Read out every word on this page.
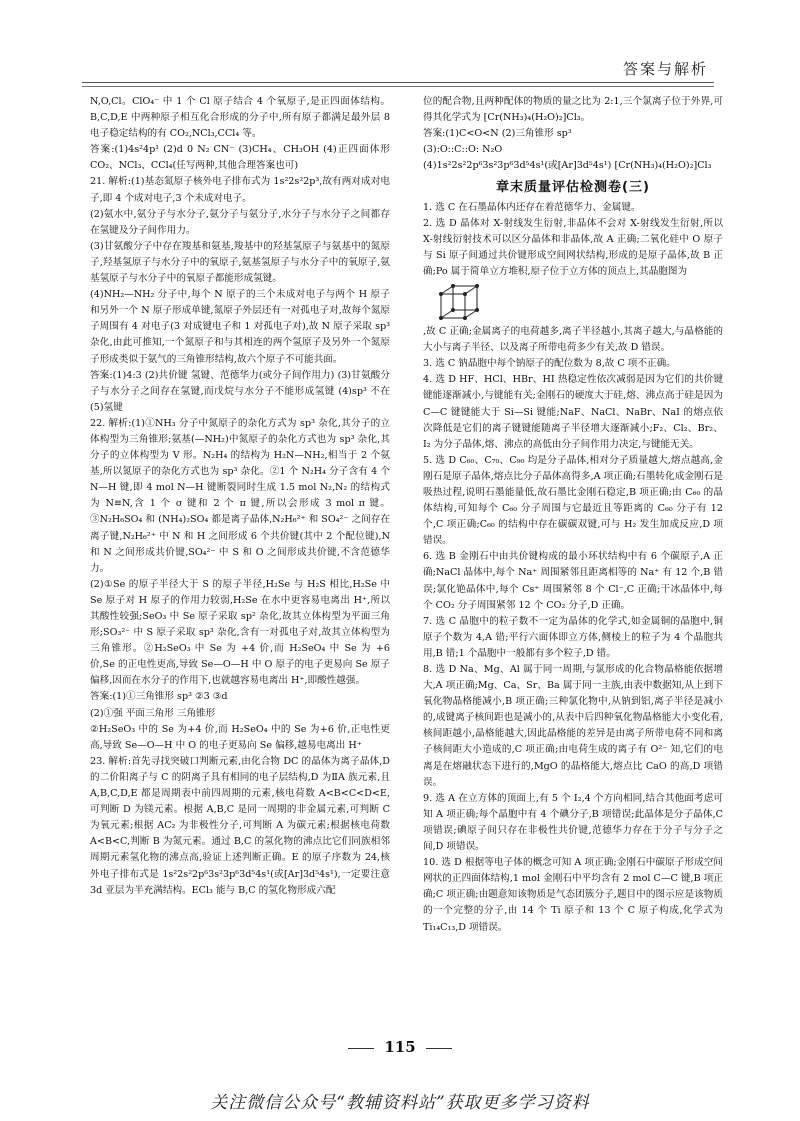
答案与解析

N,O,Cl。ClO₄⁻ 中 1 个 Cl 原子结合 4 个氧原子,是正四面体结构。B,C,D,E 中两种原子相互化合形成的分子中,所有原子都满足最外层 8 电子稳定结构的有 CO₂,NCl₃,CCl₄ 等。

答案:(1)4s²4p¹ (2)d 0 N₂ CN⁻ (3)CH₄、CH₃OH (4)正四面体形 CO₂、NCl₃、CCl₄(任写两种,其他合理答案也可)

21. 解析:(1)基态氮原子核外电子排布式为 1s²2s²2p³,故有两对成对电子,即 4 个成对电子,3 个未成对电子。

(2)氨水中,氨分子与水分子,氨分子与氨分子,水分子与水分子之间都存在氢键及分子间作用力。

(3)甘氨酸分子中存在羧基和氨基,羧基中的羟基氢原子与氨基中的氮原子,羟基氢原子与水分子中的氧原子,氨基氢原子与水分子中的氧原子,氨基氢原子与水分子中的氧原子都能形成氢键。

(4)NH₂—NH₂ 分子中,每个 N 原子的三个未成对电子与两个 H 原子和另外一个 N 原子形成单键,氮原子外层还有一对孤电子对,故每个氮原子周围有 4 对电子(3 对成键电子和 1 对孤电子对),故 N 原子采取 sp³ 杂化,由此可推知,一个氮原子和与其相连的两个氢原子及另外一个氮原子形成类似于氨气的三角锥形结构,故六个原子不可能共面。

答案:(1)4:3 (2)共价键 氢键、范德华力(或分子间作用力) (3)甘氨酸分子与水分子之间存在氢键,而戊烷与水分子不能形成氢键 (4)sp³ 不在 (5)氢键

22. 解析:(1)①NH₃ 分子中氮原子的杂化方式为 sp³ 杂化,其分子的立体构型为三角锥形;氨基(—NH₂)中氮原子的杂化方式也为 sp³ 杂化,其分子的立体构型为 V 形。N₂H₄ 的结构为 H₂N—NH₂,相当于 2 个氨基,所以氮原子的杂化方式也为 sp³ 杂化。②1 个 N₂H₄ 分子含有 4 个 N—H 键,即 4 mol N—H 键断裂同时生成 1.5 mol N₂,N₂ 的结构式为 N≡N,含 1 个 σ 键和 2 个 π 键,所以会形成 3 mol π 键。③N₂H₆SO₄ 和 (NH₄)₂SO₄ 都是离子晶体,N₂H₆²⁺ 和 SO₄²⁻ 之间存在离子键,N₂H₆²⁺ 中 N 和 H 之间形成 6 个共价键(其中 2 个配位键),N 和 N 之间形成共价键,SO₄²⁻ 中 S 和 O 之间形成共价键,不含范德华力。

(2)①Se 的原子半径大于 S 的原子半径,H₂Se 与 H₂S 相比,H₂Se 中 Se 原子对 H 原子的作用力较弱,H₂Se 在水中更容易电离出 H⁺,所以其酸性较强;SeO₃ 中 Se 原子采取 sp² 杂化,故其立体构型为平面三角形;SO₃²⁻ 中 S 原子采取 sp³ 杂化,含有一对孤电子对,故其立体构型为三角锥形。②H₂SeO₃ 中 Se 为 +4 价,而 H₂SeO₄ 中 Se 为 +6 价,Se 的正电性更高,导致 Se—O—H 中 O 原子的电子更易向 Se 原子偏移,因而在水分子的作用下,也就越容易电离出 H⁺,即酸性越强。

答案:(1)①三角锥形 sp³ ②3 ③d

(2)①强 平面三角形 三角锥形

②H₂SeO₃ 中的 Se 为+4 价,而 H₂SeO₄ 中的 Se 为+6 价,正电性更高,导致 Se—O—H 中 O 的电子更易向 Se 偏移,越易电离出 H⁺

23. 解析:首先寻找突破口判断元素,由化合物 DC 的晶体为离子晶体,D 的二价阳离子与 C 的阴离子具有相同的电子层结构,D 为ⅡA 族元素,且 A,B,C,D,E 都是周期表中前四周期的元素,核电荷数 A<B<C<D<E,可判断 D 为镁元素。根据 A,B,C 是同一周期的非金属元素,可判断 C 为氧元素;根据 AC₂ 为非极性分子,可判断 A 为碳元素;根据核电荷数 A<B<C,判断 B 为氮元素。通过 B,C 的氢化物的沸点比它们同族相邻周期元素氢化物的沸点高,验证上述判断正确。E 的原子序数为 24,核外电子排布式是 1s²2s²2p⁶3s²3p⁶3d⁵4s¹(或[Ar]3d⁵4s¹),一定要注意 3d 亚层为半充满结构。ECl₃ 能与 B,C 的氢化物形成六配

位的配合物,且两种配体的物质的量之比为 2:1,三个氯离子位于外界,可得其化学式为 [Cr(NH₃)₄(H₂O)₂]Cl₃。

答案:(1)C<O<N (2)三角锥形 sp³

(3):O::C::O: N₂O

(4)1s²2s²2p⁶3s²3p⁶3d⁵4s¹(或[Ar]3d⁵4s¹) [Cr(NH₃)₄(H₂O)₂]Cl₃

章末质量评估检测卷(三)

1. 选 C 在石墨晶体内还存在着范德华力、金属键。

2. 选 D 晶体对 X-射线发生衍射,非晶体不会对 X-射线发生衍射,所以 X-射线衍射技术可以区分晶体和非晶体,故 A 正确;二氧化硅中 O 原子与 Si 原子间通过共价键形成空间网状结构,形成的是原子晶体,故 B 正确;Po 属于简单立方堆积,原子位于立方体的顶点上,其晶胞图为

,故 C 正确;金属离子的电荷越多,离子半径越小,其离子越大,与晶格能的大小与离子半径、以及离子所带电荷多少有关,故 D 错误。

3. 选 C 钠晶胞中每个钠原子的配位数为 8,故 C 项不正确。

4. 选 D HF、HCl、HBr、HI 热稳定性依次减弱是因为它们的共价键键能逐渐减小,与键能有关;金刚石的硬度大于硅,熔、沸点高于硅是因为 C—C 键键能大于 Si—Si 键能;NaF、NaCl、NaBr、NaI 的熔点依次降低是它们的离子键键能随离子半径增大逐渐减小;F₂、Cl₂、Br₂、I₂ 为分子晶体,熔、沸点的高低由分子间作用力决定,与键能无关。

5. 选 D C₆₀、C₇₀、C₉₀ 均是分子晶体,相对分子质量越大,熔点越高,金刚石是原子晶体,熔点比分子晶体高得多,A 项正确;石墨转化成金刚石是吸热过程,说明石墨能量低,故石墨比金刚石稳定,B 项正确;由 C₆₀ 的晶体结构,可知每个 C₆₀ 分子周围与它最近且等距离的 C₆₀ 分子有 12 个,C 项正确;C₆₀ 的结构中存在碳碳双键,可与 H₂ 发生加成反应,D 项错误。

6. 选 B 金刚石中由共价键构成的最小环状结构中有 6 个碳原子,A 正确;NaCl 晶体中,每个 Na⁺ 周围紧邻且距离相等的 Na⁺ 有 12 个,B 错误;氯化铯晶体中,每个 Cs⁺ 周围紧邻 8 个 Cl⁻,C 正确;干冰晶体中,每个 CO₂ 分子周围紧邻 12 个 CO₂ 分子,D 正确。

7. 选 C 晶胞中的粒子数不一定为晶体的化学式,如金属铜的晶胞中,铜原子个数为 4,A 错;平行六面体即立方体,侧棱上的粒子为 4 个晶胞共用,B 错;1 个晶胞中一般都有多个粒子,D 错。

8. 选 D Na、Mg、Al 属于同一周期,与氯形成的化合物晶格能依据增大,A 项正确;Mg、Ca、Sr、Ba 属于同一主族,由表中数据知,从上到下氧化物晶格能减小,B 项正确;三种氯化物中,从钠到铝,离子半径是减小的,成键离子核间距也是减小的,从表中后四种氧化物晶格能大小变化看,核间距越小,晶格能越大,因此晶格能的差异是由离子所带电荷不同和离子核间距大小造成的,C 项正确;由电荷生成的离子有 O²⁻ 知,它们的电离是在熔融状态下进行的,MgO 的晶格能大,熔点比 CaO 的高,D 项错误。

9. 选 A 在立方体的顶面上,有 5 个 I₂,4 个方向相同,结合其他面考虑可知 A 项正确;每个晶胞中有 4 个碘分子,B 项错误;此晶体是分子晶体,C 项错误;碘原子间只存在非极性共价键,范德华力存在于分子与分子之间,D 项错误。

10. 选 D 根据等电子体的概念可知 A 项正确;金刚石中碳原子形成空间网状的正四面体结构,1 mol 金刚石中平均含有 2 mol C—C 键,B 项正确;C 项正确;由题意知该物质是气态团簇分子,题目中的图示应是该物质的一个完整的分子,由 14 个 Ti 原子和 13 个 C 原子构成,化学式为 Ti₁₄C₁₃,D 项错误。

115
关注微信公众号“教辅资料站”获取更多学习资料
